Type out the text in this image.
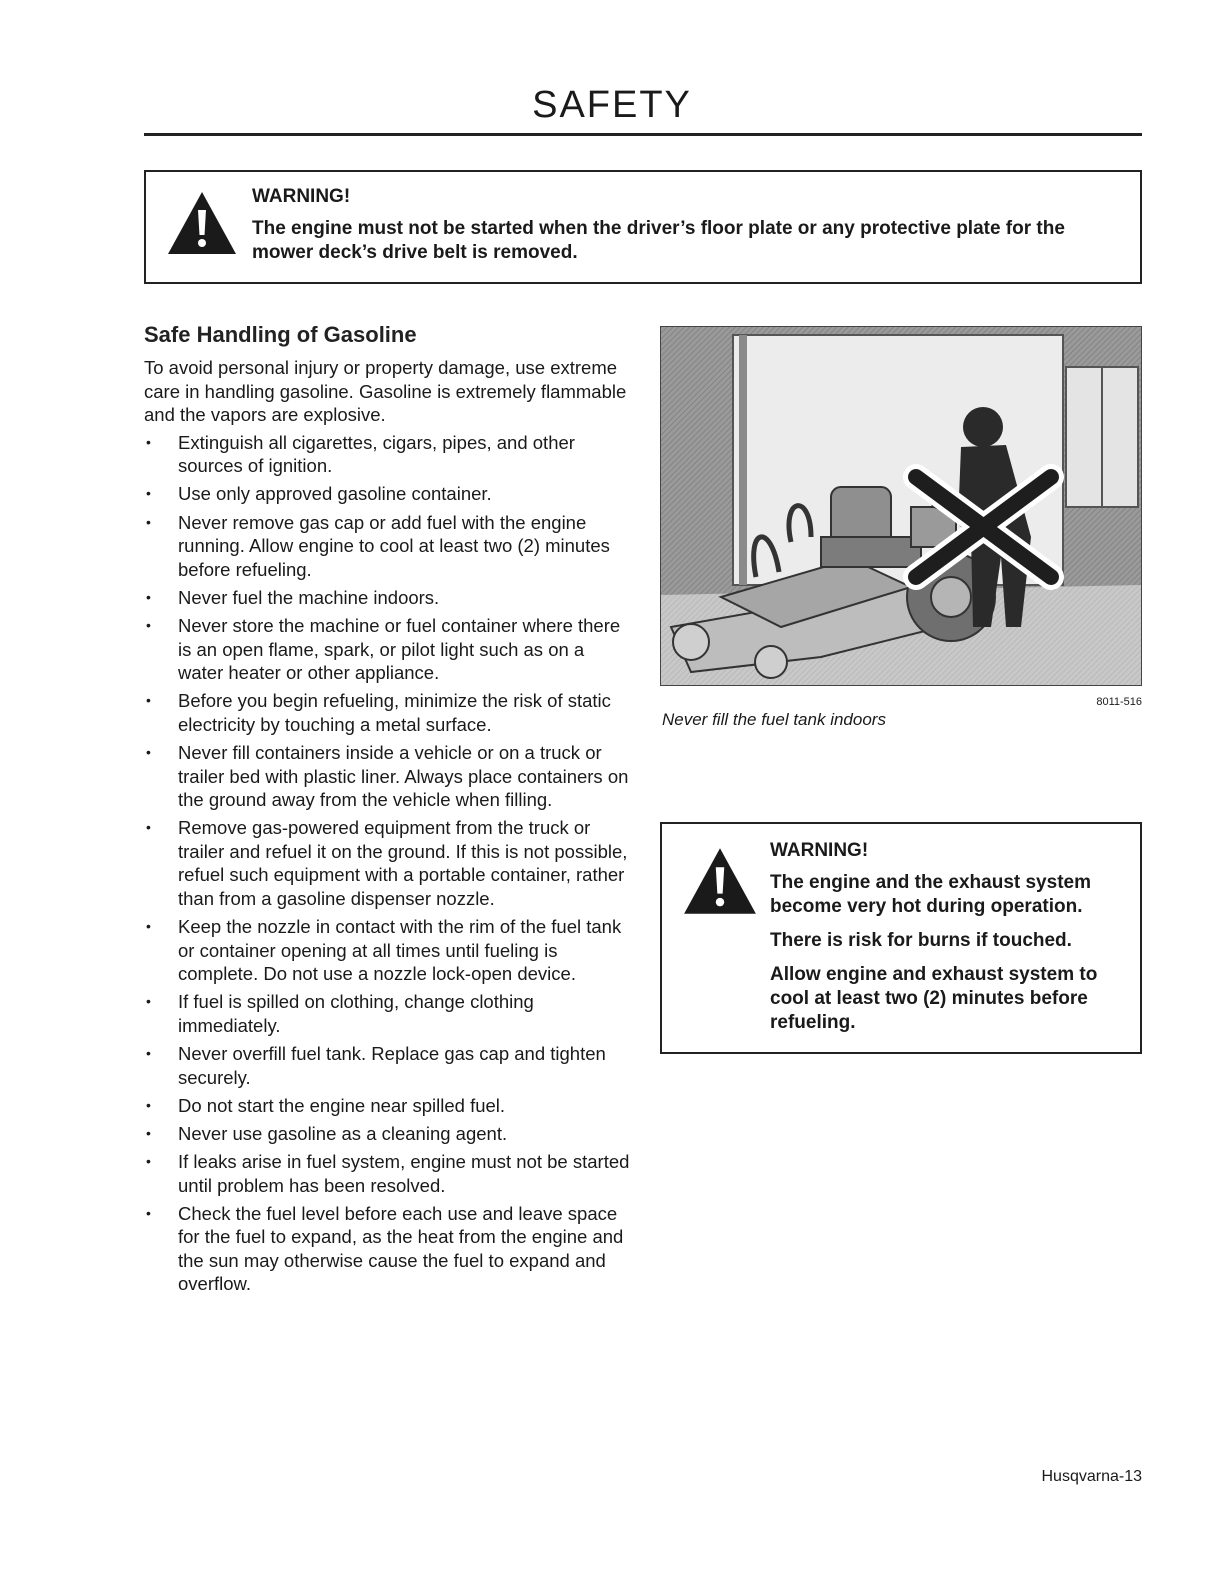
SAFETY

WARNING!

The engine must not be started when the driver’s floor plate or any protective plate for the mower deck’s drive belt is removed.

Safe Handling of Gasoline

To avoid personal injury or property damage, use extreme care in handling gasoline. Gasoline is extremely flammable and the vapors are explosive.

• Extinguish all cigarettes, cigars, pipes, and other sources of ignition.
• Use only approved gasoline container.
• Never remove gas cap or add fuel with the engine running. Allow engine to cool at least two (2) minutes before refueling.
• Never fuel the machine indoors.
• Never store the machine or fuel container where there is an open flame, spark, or pilot light such as on a water heater or other appliance.
• Before you begin refueling, minimize the risk of static electricity by touching a metal surface.
• Never fill containers inside a vehicle or on a truck or trailer bed with plastic liner. Always place containers on the ground away from the vehicle when filling.
• Remove gas-powered equipment from the truck or trailer and refuel it on the ground. If this is not possible, refuel such equipment with a portable container, rather than from a gasoline dispenser nozzle.
• Keep the nozzle in contact with the rim of the fuel tank or container opening at all times until fueling is complete. Do not use a nozzle lock-open device.
• If fuel is spilled on clothing, change clothing immediately.
• Never overfill fuel tank. Replace gas cap and tighten securely.
• Do not start the engine near spilled fuel.
• Never use gasoline as a cleaning agent.
• If leaks arise in fuel system, engine must not be started until problem has been resolved.
• Check the fuel level before each use and leave space for the fuel to expand, as the heat from the engine and the sun may otherwise cause the fuel to expand and overflow.
8011-516
Never fill the fuel tank indoors

WARNING!

The engine and the exhaust system become very hot during operation.

There is risk for burns if touched.

Allow engine and exhaust system to cool at least two (2) minutes before refueling.

Husqvarna-13
